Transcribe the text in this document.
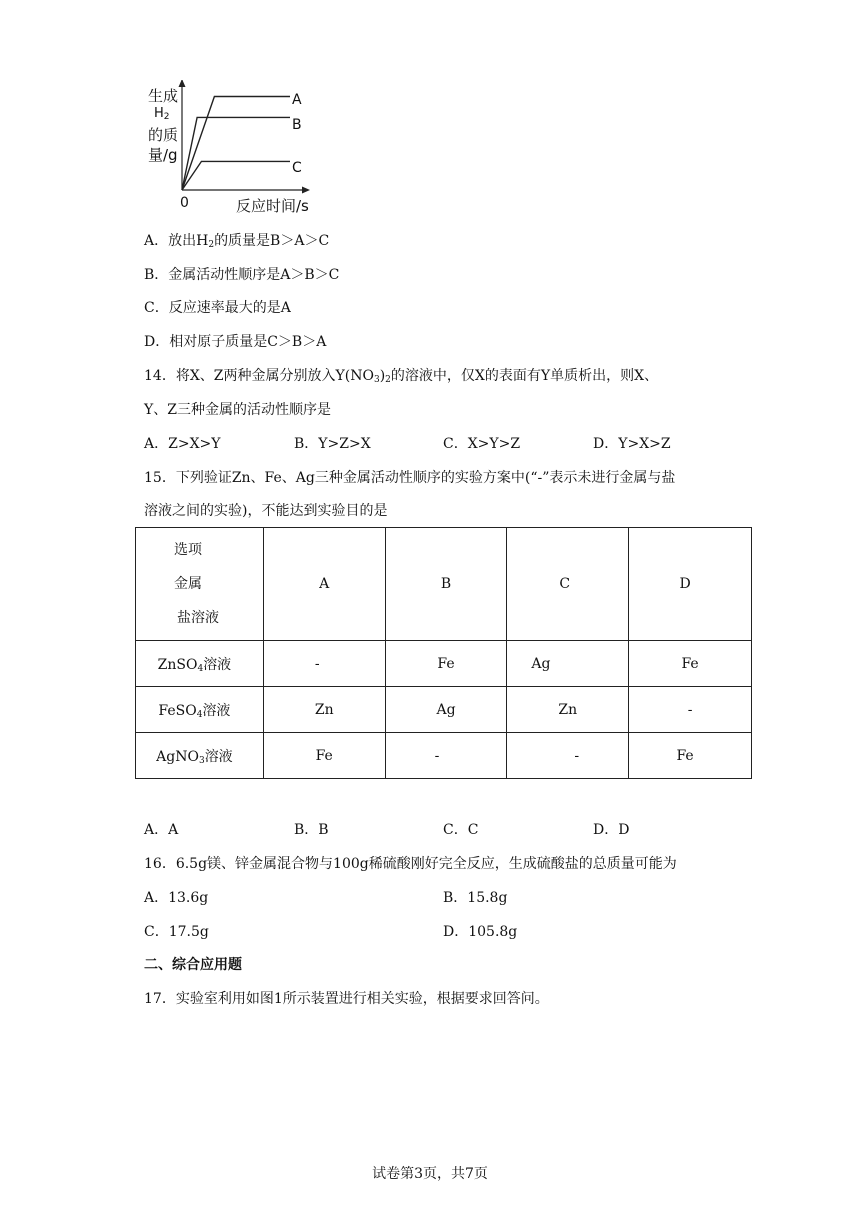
生成
$H_2$
的质
量/g
0	反应时间/s
A
B
C
A．放出$H_2$的质量是B＞A＞C
B．金属活动性顺序是A＞B＞C
C．反应速率最大的是A
D．相对原子质量是C＞B＞A
14．将X、Z两种金属分别放入$Y(NO_3)_2$的溶液中，仅X的表面有Y单质析出，则X、
Y、Z三种金属的活动性顺序是
A．Z>X>Y	B．Y>Z>X	C．X>Y>Z	D．Y>X>Z
15．下列验证Zn、Fe、Ag三种金属活动性顺序的实验方案中(“-”表示未进行金属与盐
溶液之间的实验)，不能达到实验目的是
选项
金属
盐溶液	A	B	C	D
ZnSO$_4$溶液	-	Fe	Ag	Fe
FeSO$_4$溶液	Zn	Ag	Zn	-
AgNO$_3$溶液	Fe	-	-	Fe
A．A	B．B	C．C	D．D
16．6.5g镁、锌金属混合物与100g稀硫酸刚好完全反应，生成硫酸盐的总质量可能为
A．13.6g	B．15.8g
C．17.5g	D．105.8g
二、综合应用题
17．实验室利用如图1所示装置进行相关实验，根据要求回答问。
试卷第3页，共7页
